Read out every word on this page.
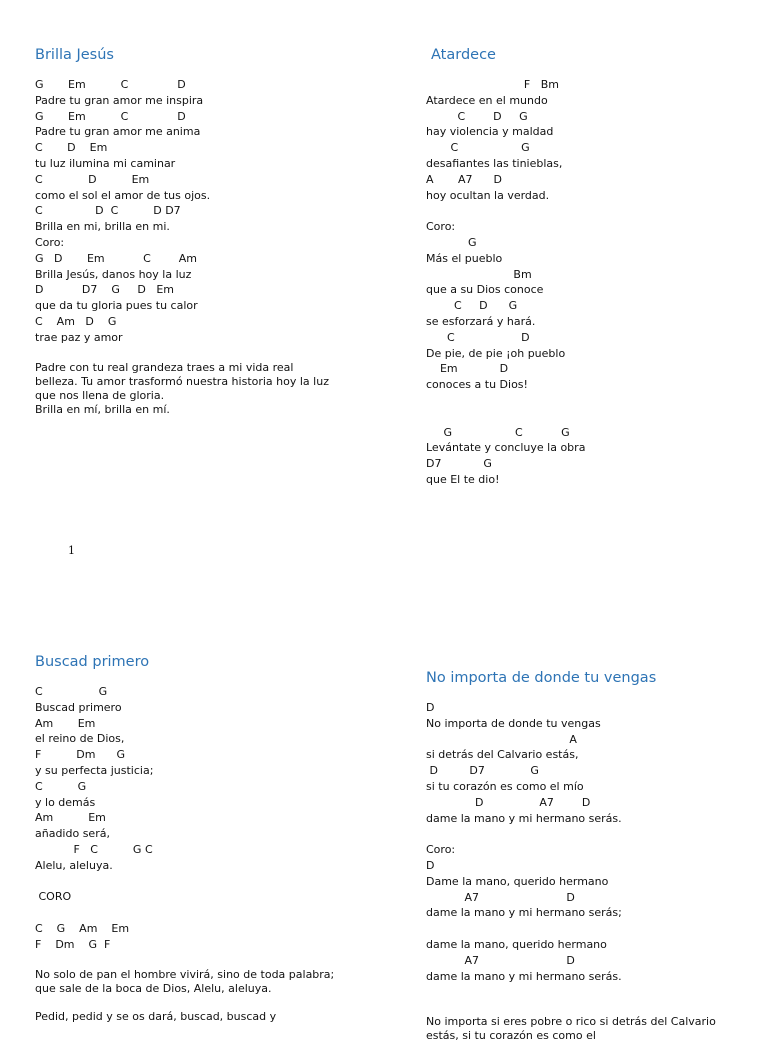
Brilla Jesús
G       Em          C              D
Padre tu gran amor me inspira
G       Em          C              D
Padre tu gran amor me anima
C       D    Em
tu luz ilumina mi caminar
C             D          Em
como el sol el amor de tus ojos.
C               D  C          D D7
Brilla en mi, brilla en mi.
Coro:
G   D       Em           C        Am
Brilla Jesús, danos hoy la luz
D           D7    G     D   Em
que da tu gloria pues tu calor
C    Am   D    G
trae paz y amor
Padre con tu real grandeza traes a mi vida real belleza. Tu amor trasformó nuestra historia hoy la luz que nos llena de gloria.
Brilla en mí, brilla en mí.
Atardece
F   Bm
Atardece en el mundo
C        D     G
hay violencia y maldad
C                  G
desafiantes las tinieblas,
A       A7      D
hoy ocultan la verdad.
Coro:
G
Más el pueblo
Bm
que a su Dios conoce
C     D      G
se esforzará y hará.
C                   D
De pie, de pie ¡oh pueblo
Em            D
conoces a tu Dios!
G                  C           G
Levántate y concluye la obra
D7            G
que El te dio!
1
Buscad primero
C                G
Buscad primero
Am       Em
el reino de Dios,
F          Dm      G
y su perfecta justicia;
C          G
y lo demás
Am          Em
añadido será,
F   C          G C
Alelu, aleluya.
CORO
C    G    Am    Em
F    Dm    G  F
No solo de pan el hombre vivirá, sino de toda palabra; que sale de la boca de Dios, Alelu, aleluya.
Pedid, pedid y se os dará, buscad, buscad y
No importa de donde tu vengas
D
No importa de donde tu vengas
A
si detrás del Calvario estás,
D         D7             G
si tu corazón es como el mío
D                A7        D
dame la mano y mi hermano serás.
Coro:
D
Dame la mano, querido hermano
A7                         D
dame la mano y mi hermano serás;
dame la mano, querido hermano
A7                         D
dame la mano y mi hermano serás.
No importa si eres pobre o rico si detrás del Calvario estás, si tu corazón es como el
